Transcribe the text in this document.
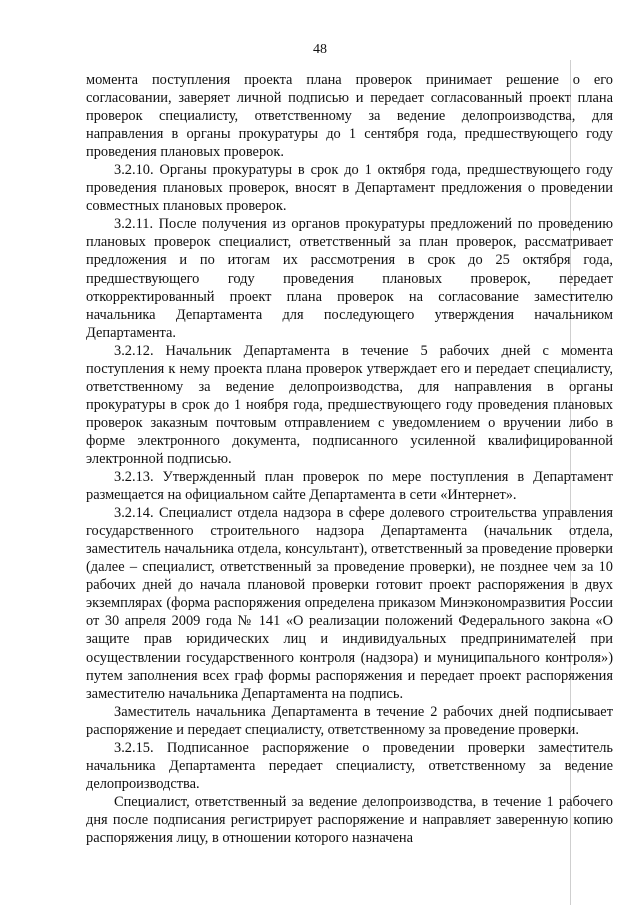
48

момента поступления проекта плана проверок принимает решение о его согласовании, заверяет личной подписью и передает согласованный проект плана проверок специалисту, ответственному за ведение делопроизводства, для направления в органы прокуратуры до 1 сентября года, предшествующего году проведения плановых проверок.

3.2.10. Органы прокуратуры в срок до 1 октября года, предшествующего году проведения плановых проверок, вносят в Департамент предложения о проведении совместных плановых проверок.

3.2.11. После получения из органов прокуратуры предложений по проведению плановых проверок специалист, ответственный за план проверок, рассматривает предложения и по итогам их рассмотрения в срок до 25 октября года, предшествующего году проведения плановых проверок, передает откорректированный проект плана проверок на согласование заместителю начальника Департамента для последующего утверждения начальником Департамента.

3.2.12. Начальник Департамента в течение 5 рабочих дней с момента поступления к нему проекта плана проверок утверждает его и передает специалисту, ответственному за ведение делопроизводства, для направления в органы прокуратуры в срок до 1 ноября года, предшествующего году проведения плановых проверок заказным почтовым отправлением с уведомлением о вручении либо в форме электронного документа, подписанного усиленной квалифицированной электронной подписью.

3.2.13. Утвержденный план проверок по мере поступления в Департамент размещается на официальном сайте Департамента в сети «Интернет».

3.2.14. Специалист отдела надзора в сфере долевого строительства управления государственного строительного надзора Департамента (начальник отдела, заместитель начальника отдела, консультант), ответственный за проведение проверки (далее – специалист, ответственный за проведение проверки), не позднее чем за 10 рабочих дней до начала плановой проверки готовит проект распоряжения в двух экземплярах (форма распоряжения определена приказом Минэкономразвития России от 30 апреля 2009 года № 141 «О реализации положений Федерального закона «О защите прав юридических лиц и индивидуальных предпринимателей при осуществлении государственного контроля (надзора) и муниципального контроля») путем заполнения всех граф формы распоряжения и передает проект распоряжения заместителю начальника Департамента на подпись.

Заместитель начальника Департамента в течение 2 рабочих дней подписывает распоряжение и передает специалисту, ответственному за проведение проверки.

3.2.15. Подписанное распоряжение о проведении проверки заместитель начальника Департамента передает специалисту, ответственному за ведение делопроизводства.

Специалист, ответственный за ведение делопроизводства, в течение 1 рабочего дня после подписания регистрирует распоряжение и направляет заверенную копию распоряжения лицу, в отношении которого назначена
